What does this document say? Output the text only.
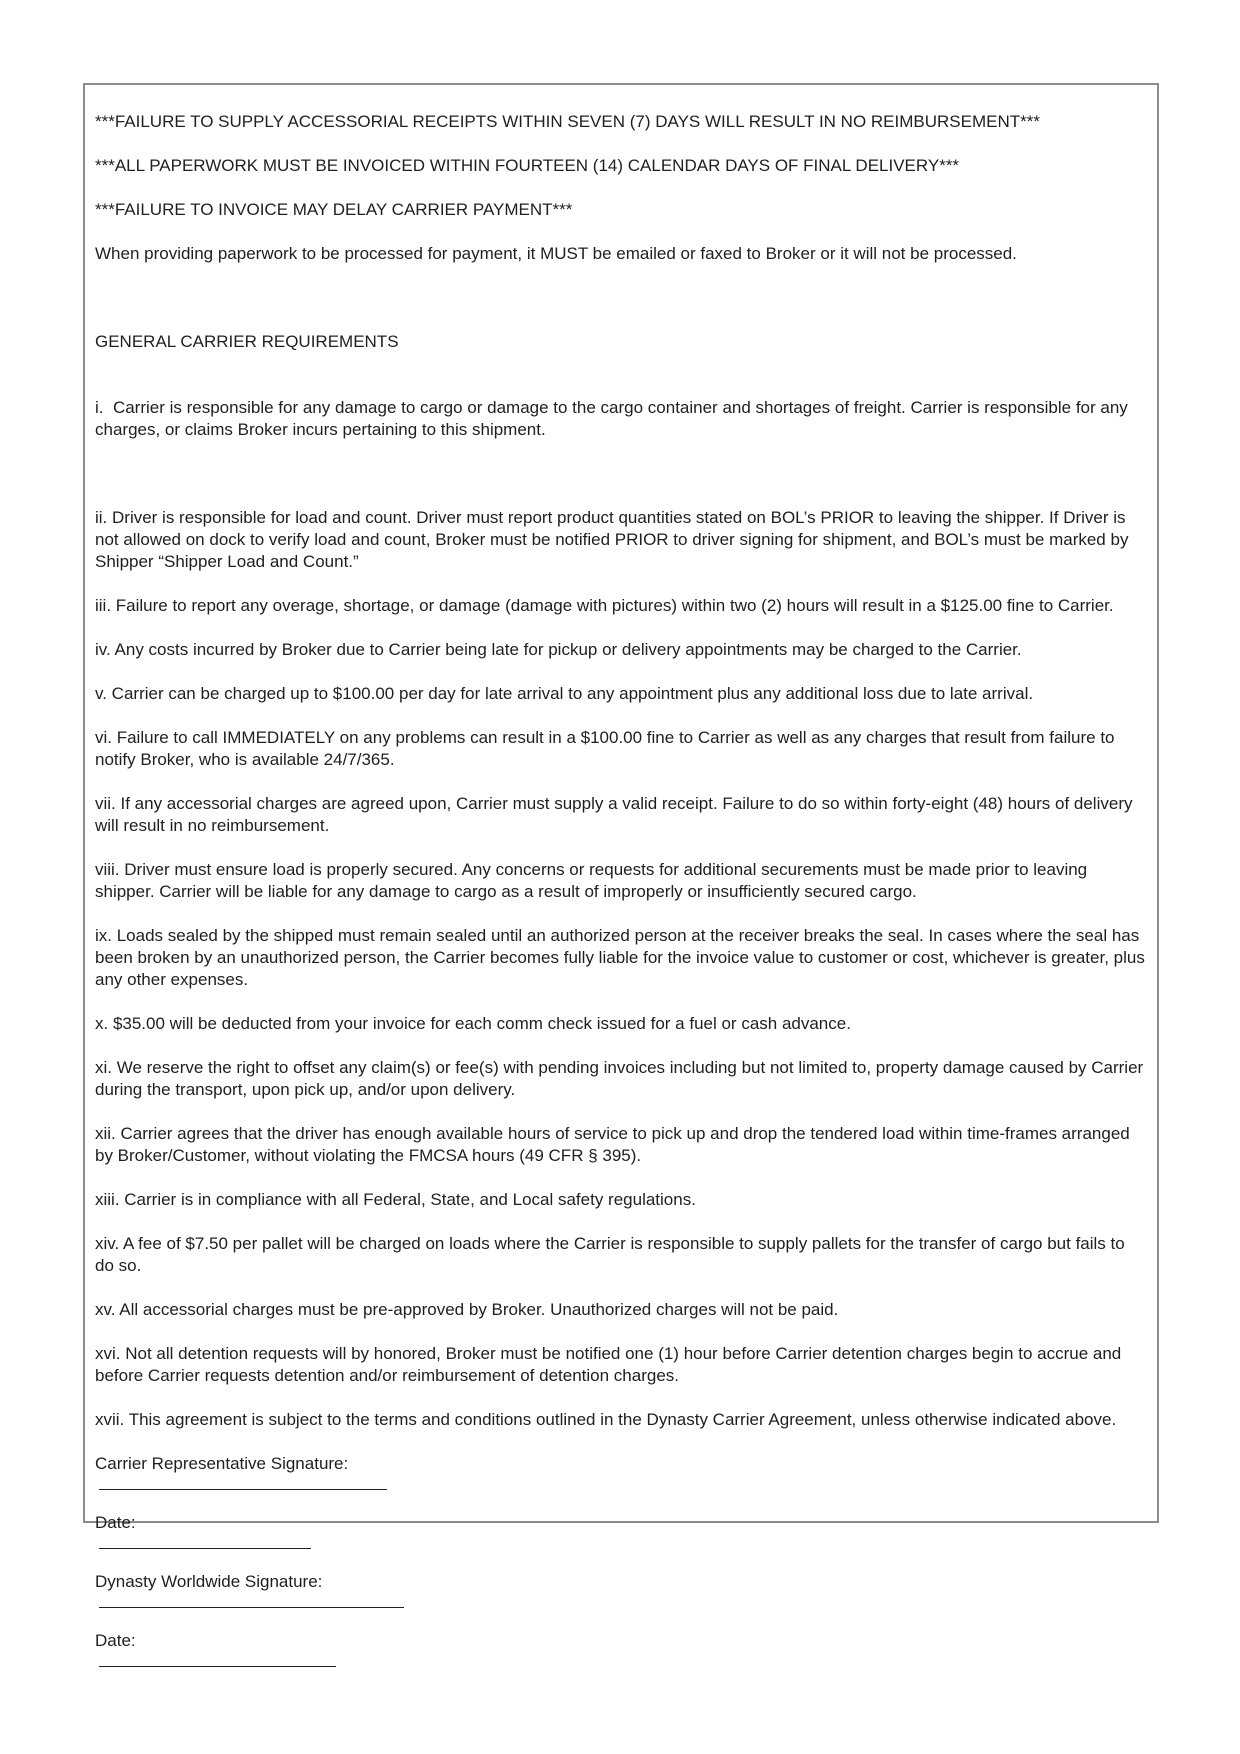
***FAILURE TO SUPPLY ACCESSORIAL RECEIPTS WITHIN SEVEN (7) DAYS WILL RESULT IN NO REIMBURSEMENT***

***ALL PAPERWORK MUST BE INVOICED WITHIN FOURTEEN (14) CALENDAR DAYS OF FINAL DELIVERY***

***FAILURE TO INVOICE MAY DELAY CARRIER PAYMENT***

When providing paperwork to be processed for payment, it MUST be emailed or faxed to Broker or it will not be processed.

GENERAL CARRIER REQUIREMENTS

i.  Carrier is responsible for any damage to cargo or damage to the cargo container and shortages of freight. Carrier is responsible for any charges, or claims Broker incurs pertaining to this shipment.

ii. Driver is responsible for load and count. Driver must report product quantities stated on BOL’s PRIOR to leaving the shipper. If Driver is not allowed on dock to verify load and count, Broker must be notified PRIOR to driver signing for shipment, and BOL’s must be marked by Shipper “Shipper Load and Count.”

iii. Failure to report any overage, shortage, or damage (damage with pictures) within two (2) hours will result in a $125.00 fine to Carrier.

iv. Any costs incurred by Broker due to Carrier being late for pickup or delivery appointments may be charged to the Carrier.

v. Carrier can be charged up to $100.00 per day for late arrival to any appointment plus any additional loss due to late arrival.

vi. Failure to call IMMEDIATELY on any problems can result in a $100.00 fine to Carrier as well as any charges that result from failure to notify Broker, who is available 24/7/365.

vii. If any accessorial charges are agreed upon, Carrier must supply a valid receipt. Failure to do so within forty-eight (48) hours of delivery will result in no reimbursement.

viii. Driver must ensure load is properly secured. Any concerns or requests for additional securements must be made prior to leaving shipper. Carrier will be liable for any damage to cargo as a result of improperly or insufficiently secured cargo.

ix. Loads sealed by the shipped must remain sealed until an authorized person at the receiver breaks the seal. In cases where the seal has been broken by an unauthorized person, the Carrier becomes fully liable for the invoice value to customer or cost, whichever is greater, plus any other expenses.

x. $35.00 will be deducted from your invoice for each comm check issued for a fuel or cash advance.

xi. We reserve the right to offset any claim(s) or fee(s) with pending invoices including but not limited to, property damage caused by Carrier during the transport, upon pick up, and/or upon delivery.

xii. Carrier agrees that the driver has enough available hours of service to pick up and drop the tendered load within time-frames arranged by Broker/Customer, without violating the FMCSA hours (49 CFR § 395).

xiii. Carrier is in compliance with all Federal, State, and Local safety regulations.

xiv. A fee of $7.50 per pallet will be charged on loads where the Carrier is responsible to supply pallets for the transfer of cargo but fails to do so.

xv. All accessorial charges must be pre-approved by Broker. Unauthorized charges will not be paid.

xvi. Not all detention requests will by honored, Broker must be notified one (1) hour before Carrier detention charges begin to accrue and before Carrier requests detention and/or reimbursement of detention charges.

xvii. This agreement is subject to the terms and conditions outlined in the Dynasty Carrier Agreement, unless otherwise indicated above.

Carrier Representative Signature:

Date:

Dynasty Worldwide Signature:

Date:
